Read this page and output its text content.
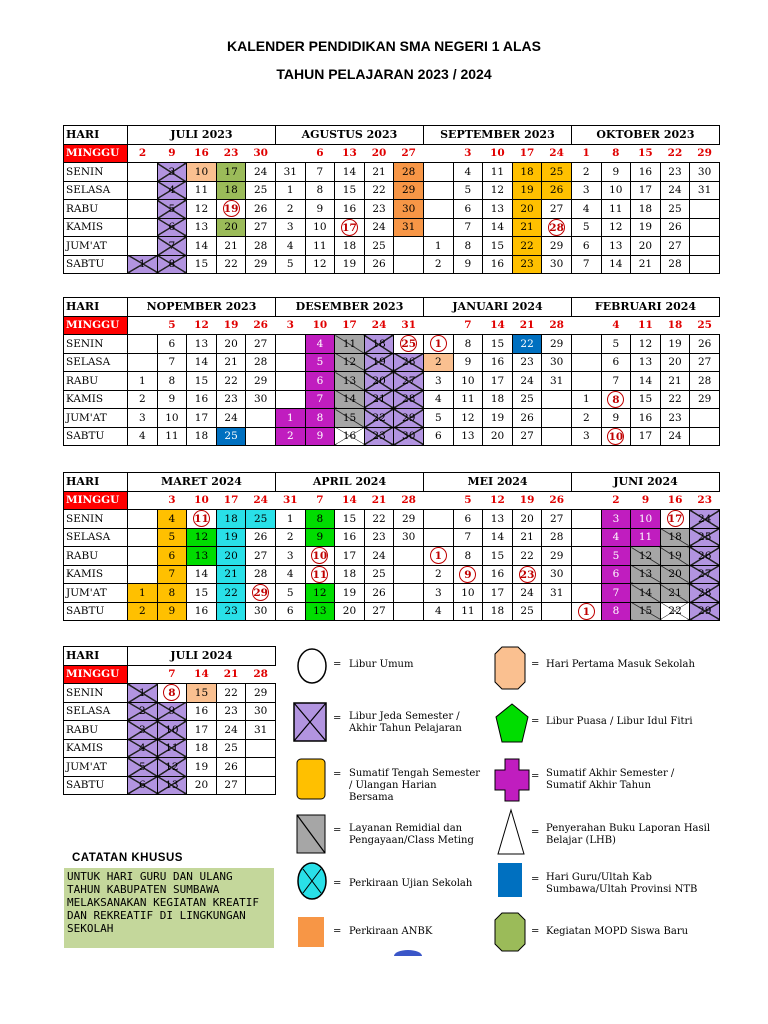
KALENDER PENDIDIKAN SMA NEGERI 1 ALAS
TAHUN PELAJARAN 2023 / 2024
HARI	JULI 2023					AGUSTUS 2023					SEPTEMBER 2023					OKTOBER 2023				
MINGGU	2	9	16	23	30		6	13	20	27		3	10	17	24	1	8	15	22	29
SENIN		3	10	17	24	31	7	14	21	28		4	11	18	25	2	9	16	23	30
SELASA		4	11	18	25	1	8	15	22	29		5	12	19	26	3	10	17	24	31
RABU		5	12	19	26	2	9	16	23	30		6	13	20	27	4	11	18	25	
KAMIS		6	13	20	27	3	10	17	24	31		7	14	21	28	5	12	19	26	
JUM'AT		7	14	21	28	4	11	18	25		1	8	15	22	29	6	13	20	27	
SABTU	1	8	15	22	29	5	12	19	26		2	9	16	23	30	7	14	21	28	
HARI	NOPEMBER 2023					DESEMBER 2023					JANUARI 2024					FEBRUARI 2024				
MINGGU		5	12	19	26	3	10	17	24	31		7	14	21	28		4	11	18	25
SENIN		6	13	20	27		4	11	18	25	1	8	15	22	29		5	12	19	26
SELASA		7	14	21	28		5	12	19	26	2	9	16	23	30		6	13	20	27
RABU	1	8	15	22	29		6	13	20	27	3	10	17	24	31		7	14	21	28
KAMIS	2	9	16	23	30		7	14	21	28	4	11	18	25		1	8	15	22	29
JUM'AT	3	10	17	24		1	8	15	22	29	5	12	19	26		2	9	16	23	
SABTU	4	11	18	25		2	9	16	23	30	6	13	20	27		3	10	17	24	
HARI	MARET 2024					APRIL 2024					MEI 2024					JUNI 2024				
MINGGU		3	10	17	24	31	7	14	21	28		5	12	19	26		2	9	16	23
SENIN		4	11	18	25	1	8	15	22	29		6	13	20	27		3	10	17	24
SELASA		5	12	19	26	2	9	16	23	30		7	14	21	28		4	11	18	25
RABU		6	13	20	27	3	10	17	24		1	8	15	22	29		5	12	19	26
KAMIS		7	14	21	28	4	11	18	25		2	9	16	23	30		6	13	20	27
JUM'AT	1	8	15	22	29	5	12	19	26		3	10	17	24	31		7	14	21	28
SABTU	2	9	16	23	30	6	13	20	27		4	11	18	25		1	8	15	22	29
HARI	JULI 2024				
MINGGU		7	14	21	28
SENIN	1	8	15	22	29
SELASA	2	9	16	23	30
RABU	3	10	17	24	31
KAMIS	4	11	18	25	
JUM'AT	5	12	19	26	
SABTU	6	13	20	27	
CATATAN KHUSUS
UNTUK HARI GURU DAN ULANG TAHUN KABUPATEN SUMBAWA MELAKSANAKAN KEGIATAN KREATIF DAN REKREATIF DI LINGKUNGAN SEKOLAH
= Libur Umum
= Libur Jeda Semester / Akhir Tahun Pelajaran
= Sumatif Tengah Semester / Ulangan Harian Bersama
= Layanan Remidial dan Pengayaan/Class Meting
= Perkiraan Ujian Sekolah
= Perkiraan ANBK
= Hari Pertama Masuk Sekolah
= Libur Puasa / Libur Idul Fitri
= Sumatif Akhir Semester / Sumatif Akhir Tahun
= Penyerahan Buku Laporan Hasil Belajar (LHB)
= Hari Guru/Ultah Kab Sumbawa/Ultah Provinsi NTB
= Kegiatan MOPD Siswa Baru
